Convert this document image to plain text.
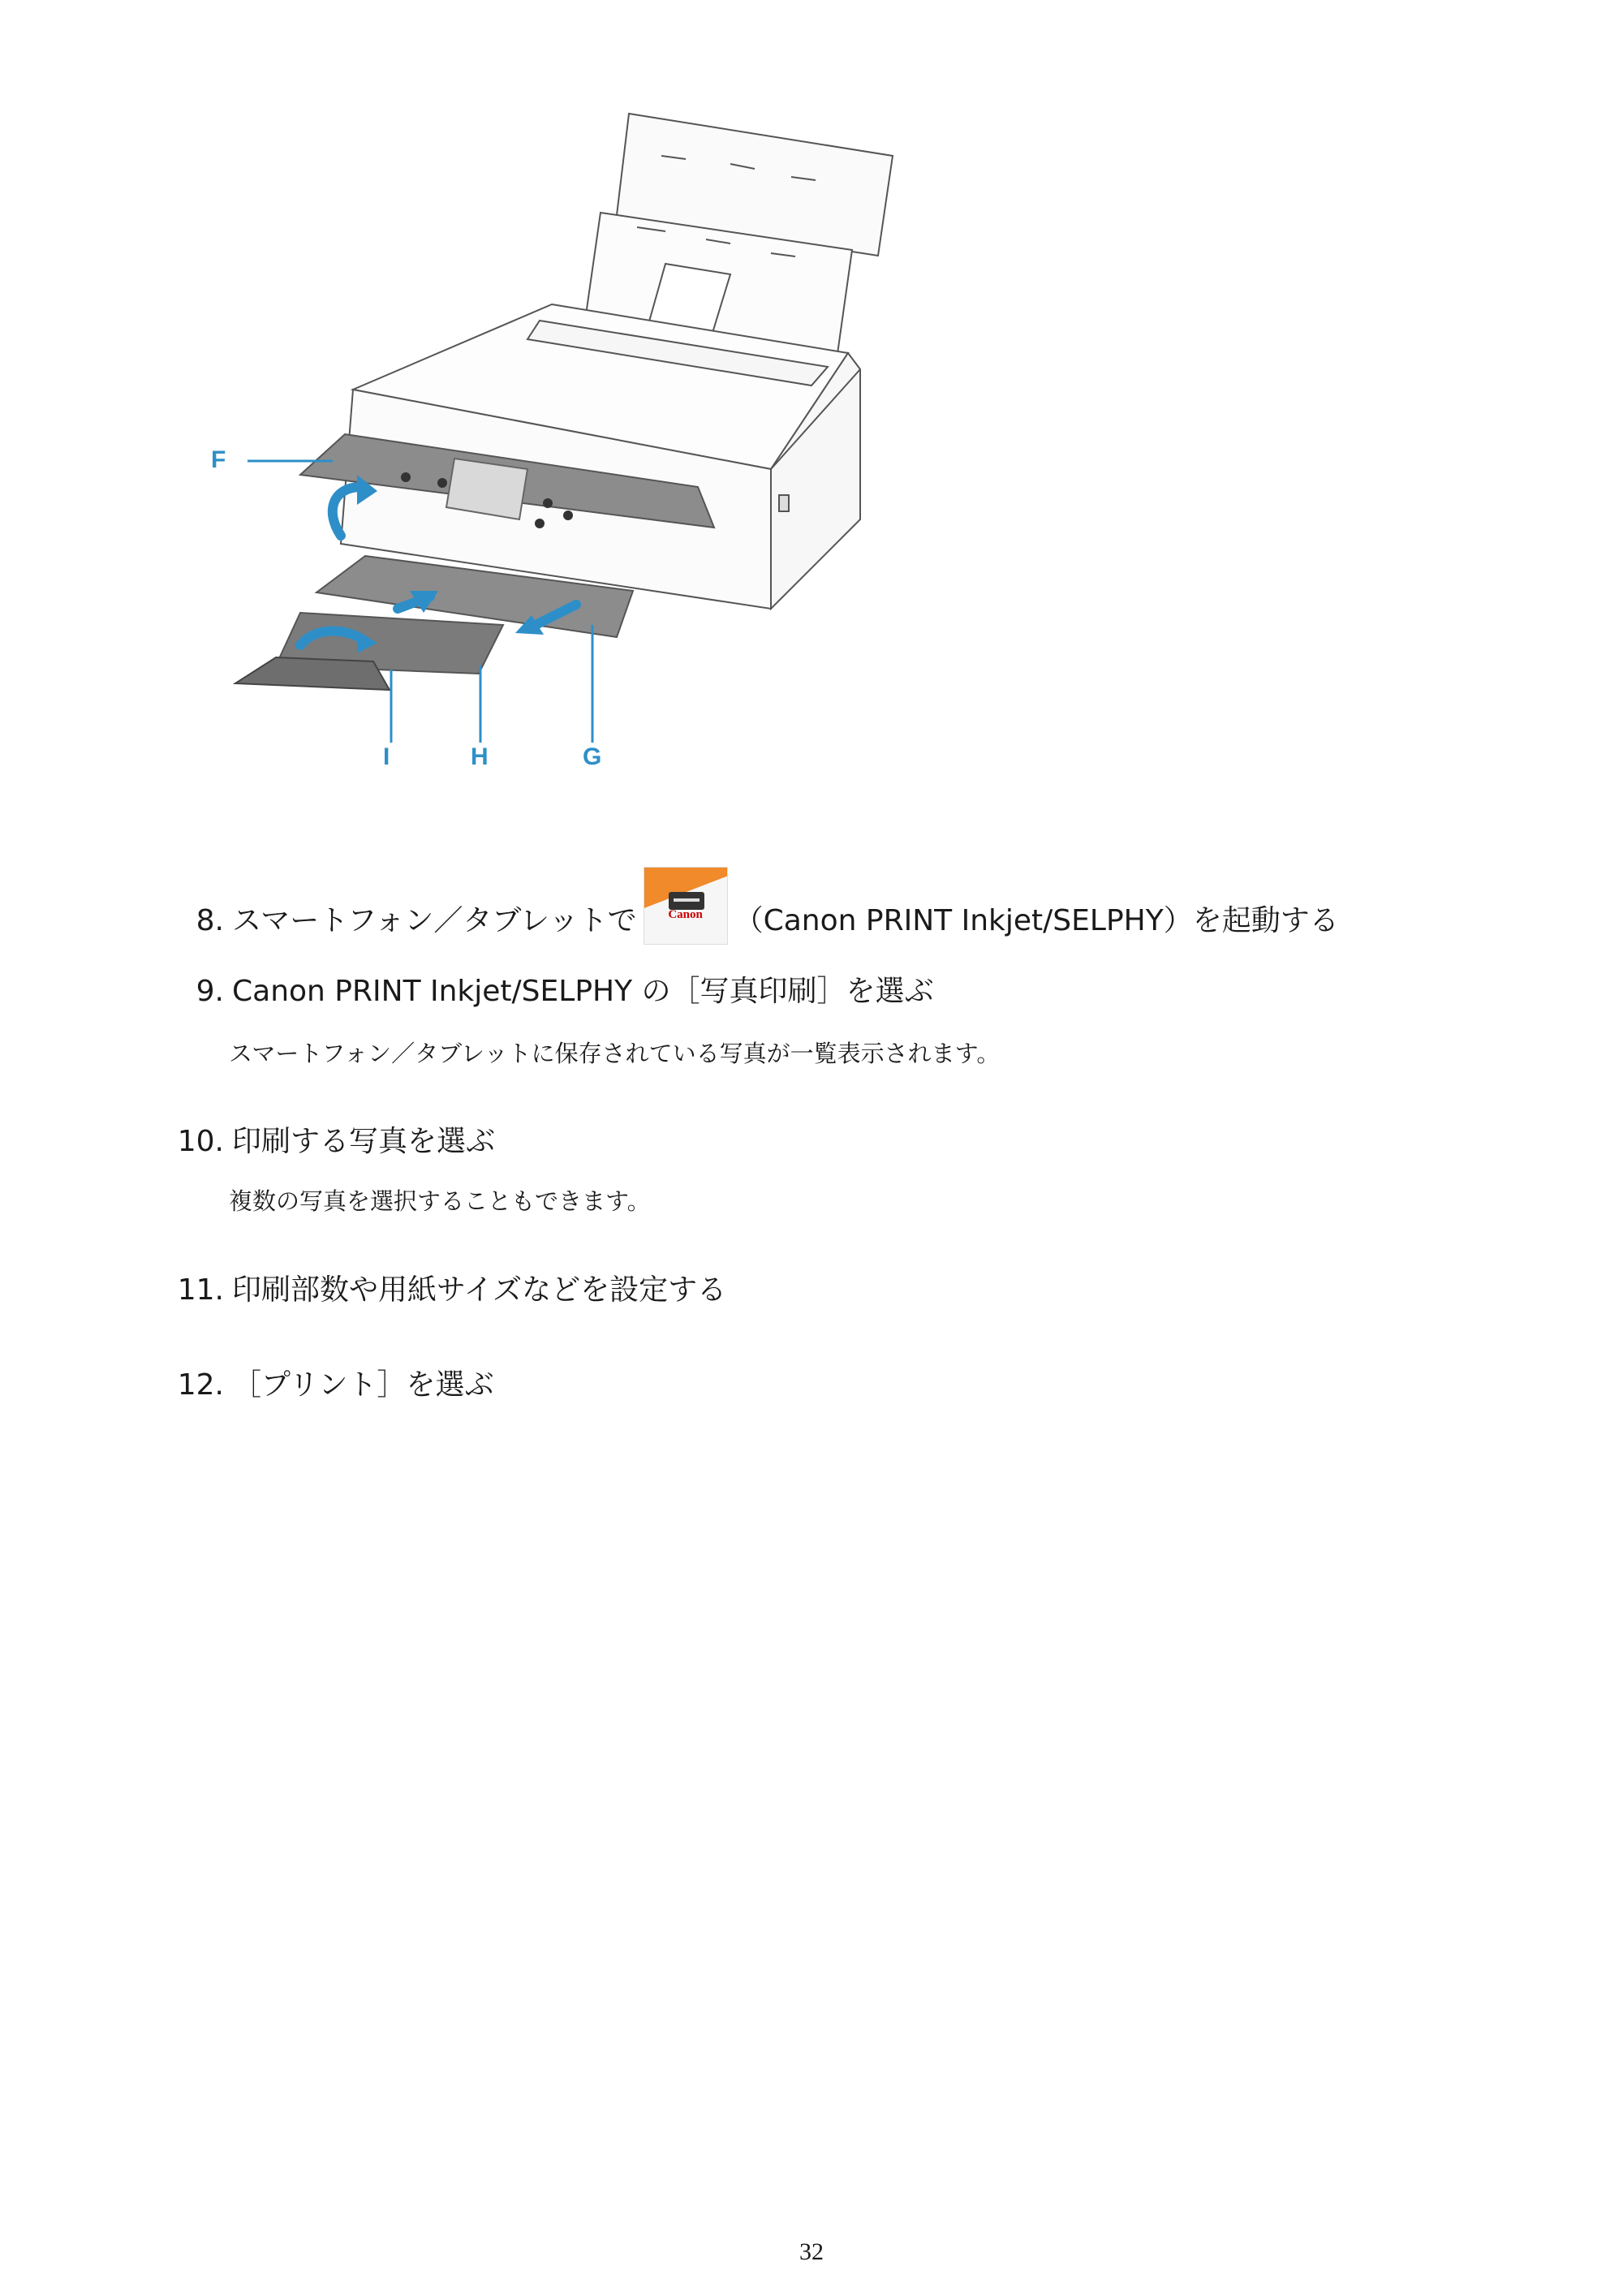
F
I	H	G
8. スマートフォン／タブレットで	Canon	（Canon PRINT Inkjet/SELPHY）を起動する
9. Canon PRINT Inkjet/SELPHY の［写真印刷］を選ぶ
スマートフォン／タブレットに保存されている写真が一覧表示されます。
10. 印刷する写真を選ぶ
複数の写真を選択することもできます。
11. 印刷部数や用紙サイズなどを設定する
12. ［プリント］を選ぶ
32
